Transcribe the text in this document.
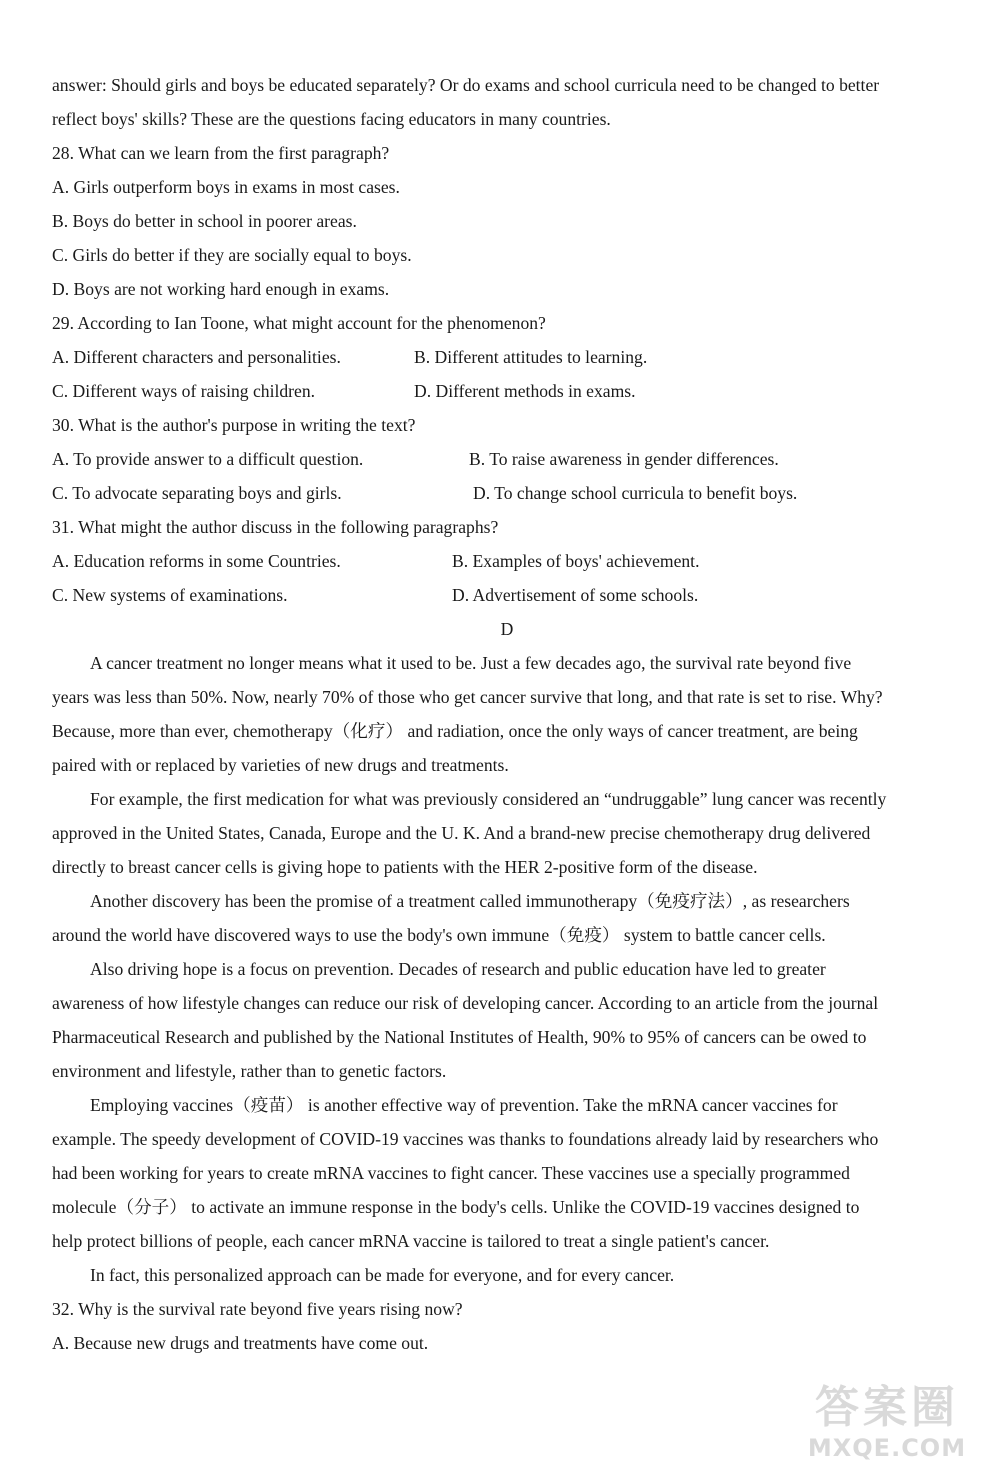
answer: Should girls and boys be educated separately? Or do exams and school curricula need to be changed to better
reflect boys' skills? These are the questions facing educators in many countries.
28. What can we learn from the first paragraph?
A. Girls outperform boys in exams in most cases.
B. Boys do better in school in poorer areas.
C. Girls do better if they are socially equal to boys.
D. Boys are not working hard enough in exams.
29. According to Ian Toone, what might account for the phenomenon?
A. Different characters and personalities.	B. Different attitudes to learning.
C. Different ways of raising children.	D. Different methods in exams.
30. What is the author's purpose in writing the text?
A. To provide answer to a difficult question.	B. To raise awareness in gender differences.
C. To advocate separating boys and girls.	D. To change school curricula to benefit boys.
31. What might the author discuss in the following paragraphs?
A. Education reforms in some Countries.	B. Examples of boys' achievement.
C. New systems of examinations.	D. Advertisement of some schools.
D
A cancer treatment no longer means what it used to be. Just a few decades ago, the survival rate beyond five
years was less than 50%. Now, nearly 70% of those who get cancer survive that long, and that rate is set to rise. Why?
Because, more than ever, chemotherapy（化疗） and radiation, once the only ways of cancer treatment, are being
paired with or replaced by varieties of new drugs and treatments.
For example, the first medication for what was previously considered an “undruggable” lung cancer was recently
approved in the United States, Canada, Europe and the U. K. And a brand-new precise chemotherapy drug delivered
directly to breast cancer cells is giving hope to patients with the HER 2-positive form of the disease.
Another discovery has been the promise of a treatment called immunotherapy（免疫疗法）, as researchers
around the world have discovered ways to use the body's own immune（免疫） system to battle cancer cells.
Also driving hope is a focus on prevention. Decades of research and public education have led to greater
awareness of how lifestyle changes can reduce our risk of developing cancer. According to an article from the journal
Pharmaceutical Research and published by the National Institutes of Health, 90% to 95% of cancers can be owed to
environment and lifestyle, rather than to genetic factors.
Employing vaccines（疫苗） is another effective way of prevention. Take the mRNA cancer vaccines for
example. The speedy development of COVID-19 vaccines was thanks to foundations already laid by researchers who
had been working for years to create mRNA vaccines to fight cancer. These vaccines use a specially programmed
molecule（分子） to activate an immune response in the body's cells. Unlike the COVID-19 vaccines designed to
help protect billions of people, each cancer mRNA vaccine is tailored to treat a single patient's cancer.
In fact, this personalized approach can be made for everyone, and for every cancer.
32. Why is the survival rate beyond five years rising now?
A. Because new drugs and treatments have come out.
答案圈
MXQE.COM
